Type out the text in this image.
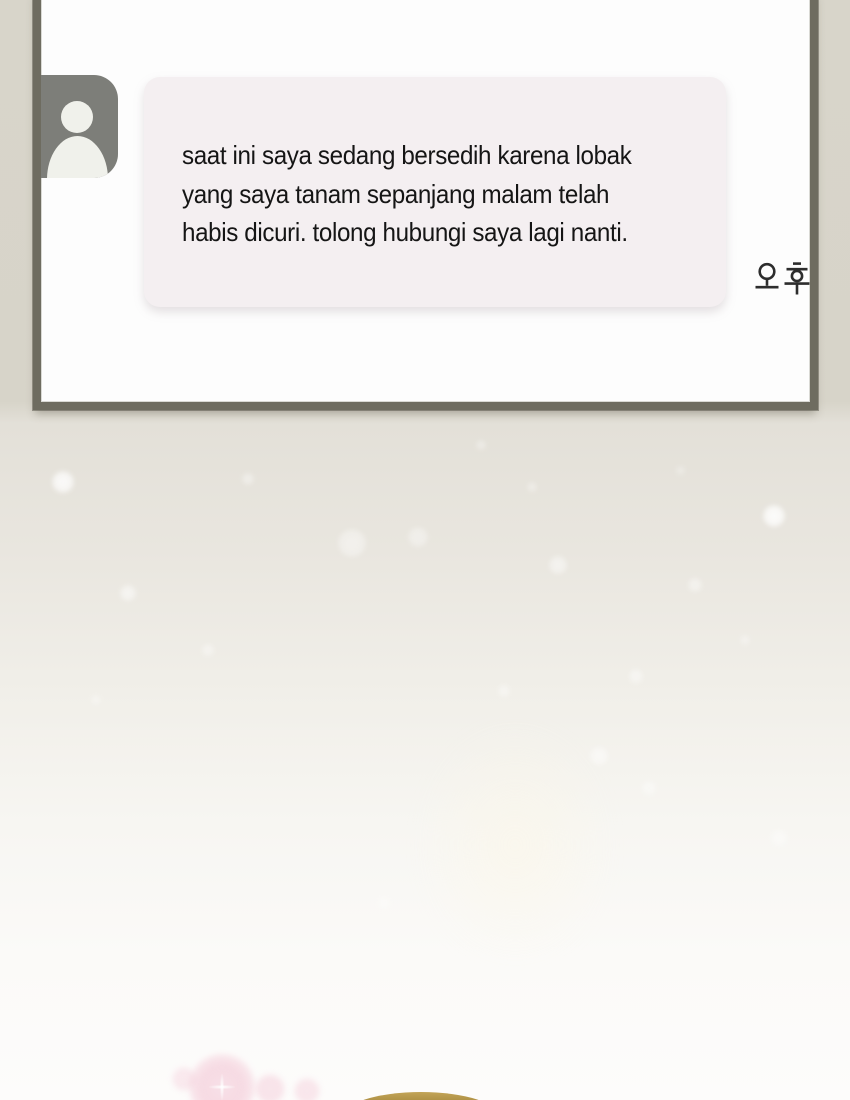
saat ini saya sedang bersedih karena lobak
yang saya tanam sepanjang malam telah
habis dicuri. tolong hubungi saya lagi nanti.
